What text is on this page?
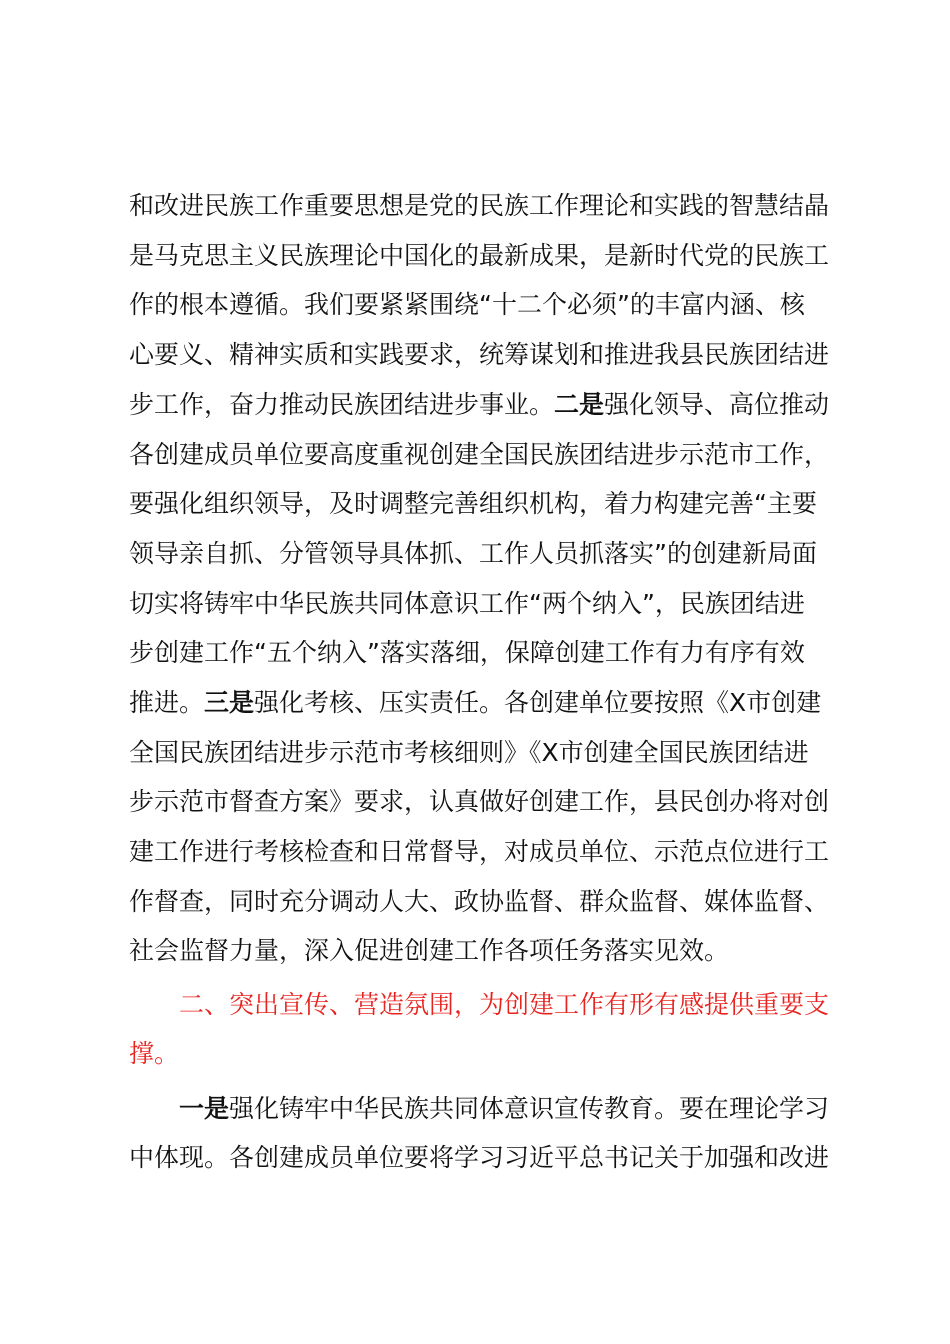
和改进民族工作重要思想是党的民族工作理论和实践的智慧结晶
是马克思主义民族理论中国化的最新成果，是新时代党的民族工
作的根本遵循。我们要紧紧围绕“十二个必须”的丰富内涵、核
心要义、精神实质和实践要求，统筹谋划和推进我县民族团结进
步工作，奋力推动民族团结进步事业。二是强化领导、高位推动
各创建成员单位要高度重视创建全国民族团结进步示范市工作，
要强化组织领导，及时调整完善组织机构，着力构建完善“主要
领导亲自抓、分管领导具体抓、工作人员抓落实”的创建新局面
切实将铸牢中华民族共同体意识工作“两个纳入”，民族团结进
步创建工作“五个纳入”落实落细，保障创建工作有力有序有效
推进。三是强化考核、压实责任。各创建单位要按照《X市创建
全国民族团结进步示范市考核细则》《X市创建全国民族团结进
步示范市督查方案》要求，认真做好创建工作，县民创办将对创
建工作进行考核检查和日常督导，对成员单位、示范点位进行工
作督查，同时充分调动人大、政协监督、群众监督、媒体监督、
社会监督力量，深入促进创建工作各项任务落实见效。
二、突出宣传、营造氛围，为创建工作有形有感提供重要支
撑。
一是强化铸牢中华民族共同体意识宣传教育。要在理论学习
中体现。各创建成员单位要将学习习近平总书记关于加强和改进
